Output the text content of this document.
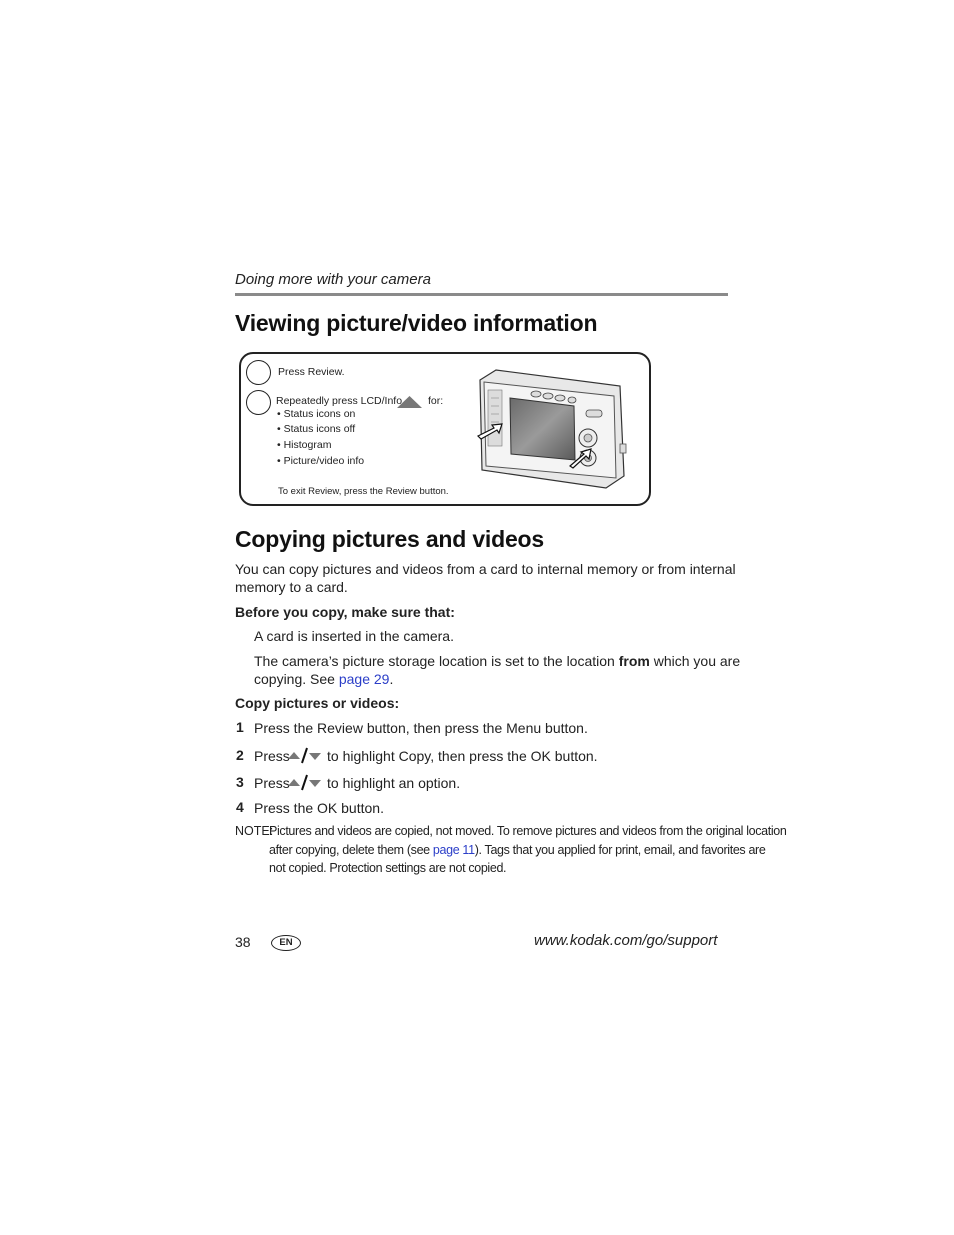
Doing more with your camera
Viewing picture/video information
Press Review.
Repeatedly press LCD/Info for:
• Status icons on
• Status icons off
• Histogram
• Picture/video info
To exit Review, press the Review button.
Copying pictures and videos
You can copy pictures and videos from a card to internal memory or from internal
memory to a card.
Before you copy, make sure that:
A card is inserted in the camera.
The camera’s picture storage location is set to the location from which you are
copying. See page 29.
Copy pictures or videos:
1 Press the Review button, then press the Menu button.
2 Press	to highlight Copy, then press the OK button.
3 Press	to highlight an option.
4 Press the OK button.
NOTE:
Pictures and videos are copied, not moved. To remove pictures and videos from the original location
after copying, delete them (see page 11). Tags that you applied for print, email, and favorites are
not copied. Protection settings are not copied.
38	EN	www.kodak.com/go/support
